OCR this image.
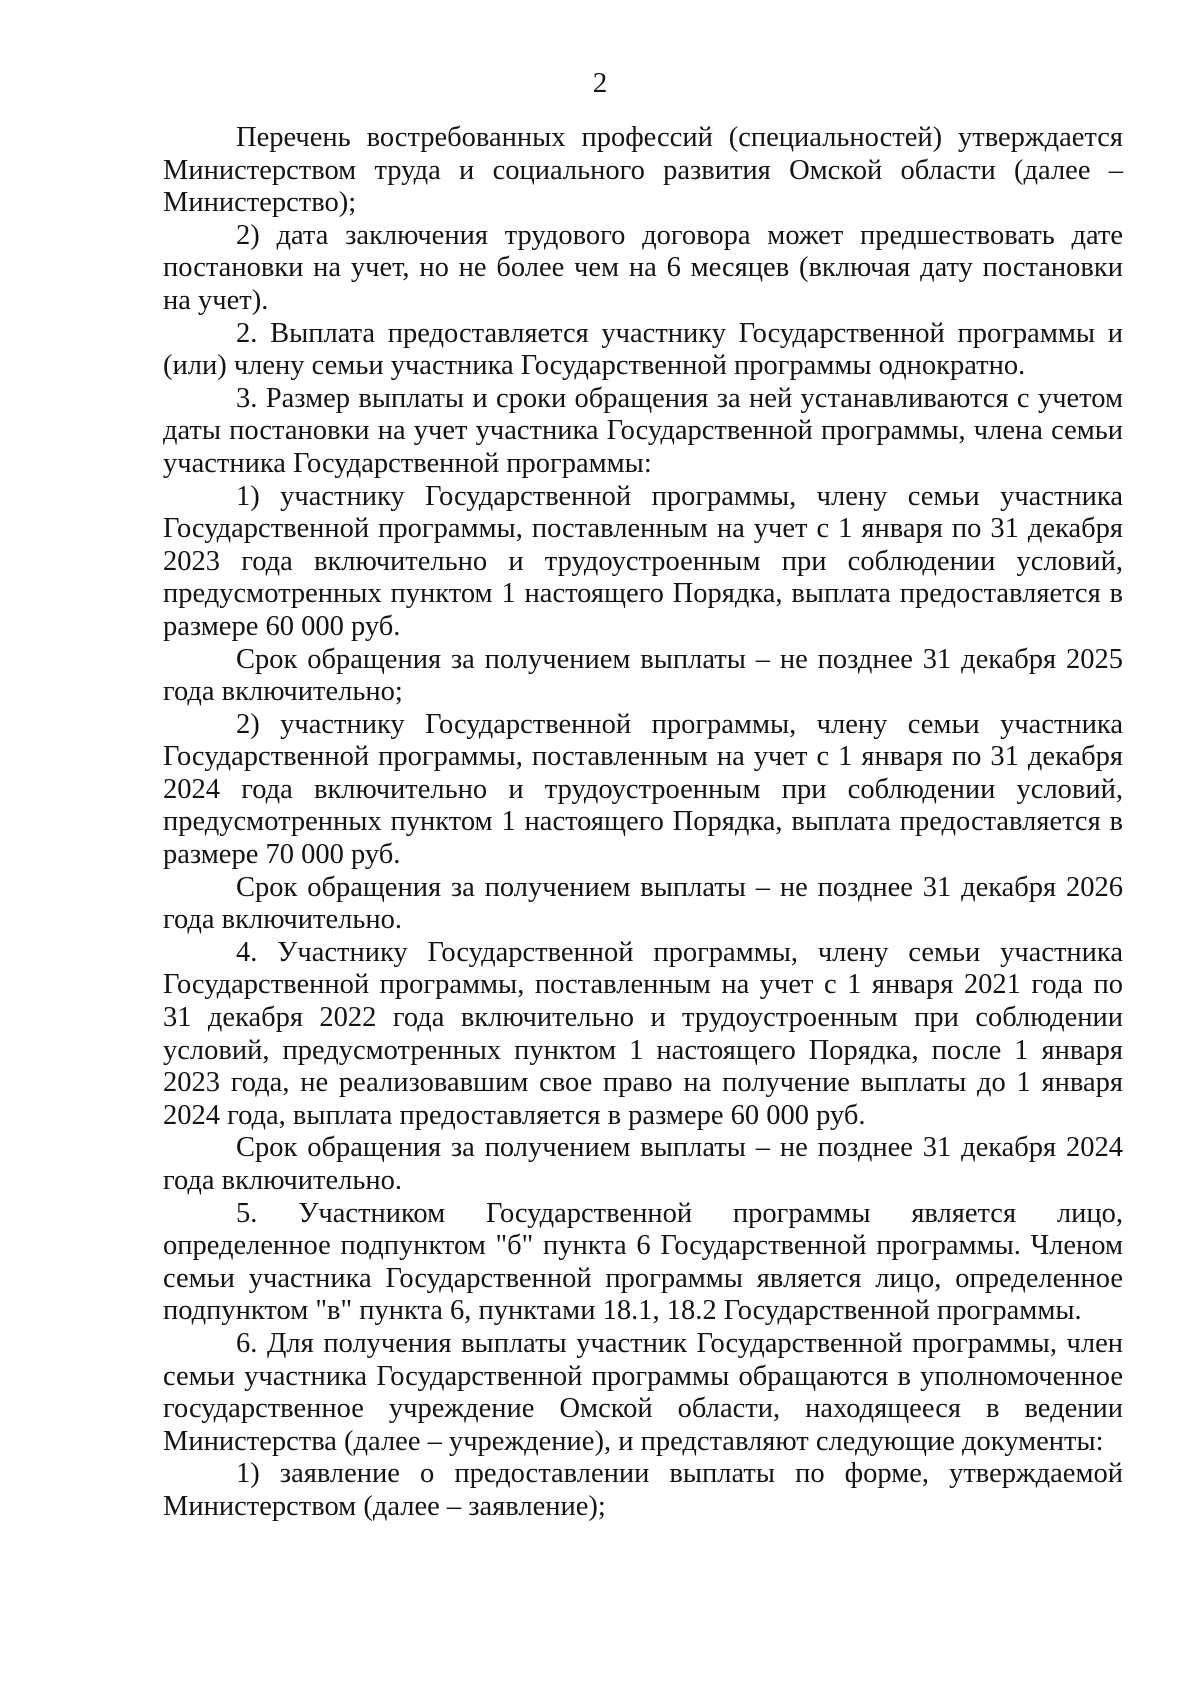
2

Перечень востребованных профессий (специальностей) утверждается Министерством труда и социального развития Омской области (далее – Министерство);

2) дата заключения трудового договора может предшествовать дате постановки на учет, но не более чем на 6 месяцев (включая дату постановки на учет).

2. Выплата предоставляется участнику Государственной программы и (или) члену семьи участника Государственной программы однократно.

3. Размер выплаты и сроки обращения за ней устанавливаются с учетом даты постановки на учет участника Государственной программы, члена семьи участника Государственной программы:

1) участнику Государственной программы, члену семьи участника Государственной программы, поставленным на учет с 1 января по 31 декабря 2023 года включительно и трудоустроенным при соблюдении условий, предусмотренных пунктом 1 настоящего Порядка, выплата предоставляется в размере 60 000 руб.

Срок обращения за получением выплаты – не позднее 31 декабря 2025 года включительно;

2) участнику Государственной программы, члену семьи участника Государственной программы, поставленным на учет с 1 января по 31 декабря 2024 года включительно и трудоустроенным при соблюдении условий, предусмотренных пунктом 1 настоящего Порядка, выплата предоставляется в размере 70 000 руб.

Срок обращения за получением выплаты – не позднее 31 декабря 2026 года включительно.

4. Участнику Государственной программы, члену семьи участника Государственной программы, поставленным на учет с 1 января 2021 года по 31 декабря 2022 года включительно и трудоустроенным при соблюдении условий, предусмотренных пунктом 1 настоящего Порядка, после 1 января 2023 года, не реализовавшим свое право на получение выплаты до 1 января 2024 года, выплата предоставляется в размере 60 000 руб.

Срок обращения за получением выплаты – не позднее 31 декабря 2024 года включительно.

5. Участником Государственной программы является лицо, определенное подпунктом "б" пункта 6 Государственной программы. Членом семьи участника Государственной программы является лицо, определенное подпунктом "в" пункта 6, пунктами 18.1, 18.2 Государственной программы.

6. Для получения выплаты участник Государственной программы, член семьи участника Государственной программы обращаются в уполномоченное государственное учреждение Омской области, находящееся в ведении Министерства (далее – учреждение), и представляют следующие документы:

1) заявление о предоставлении выплаты по форме, утверждаемой Министерством (далее – заявление);
